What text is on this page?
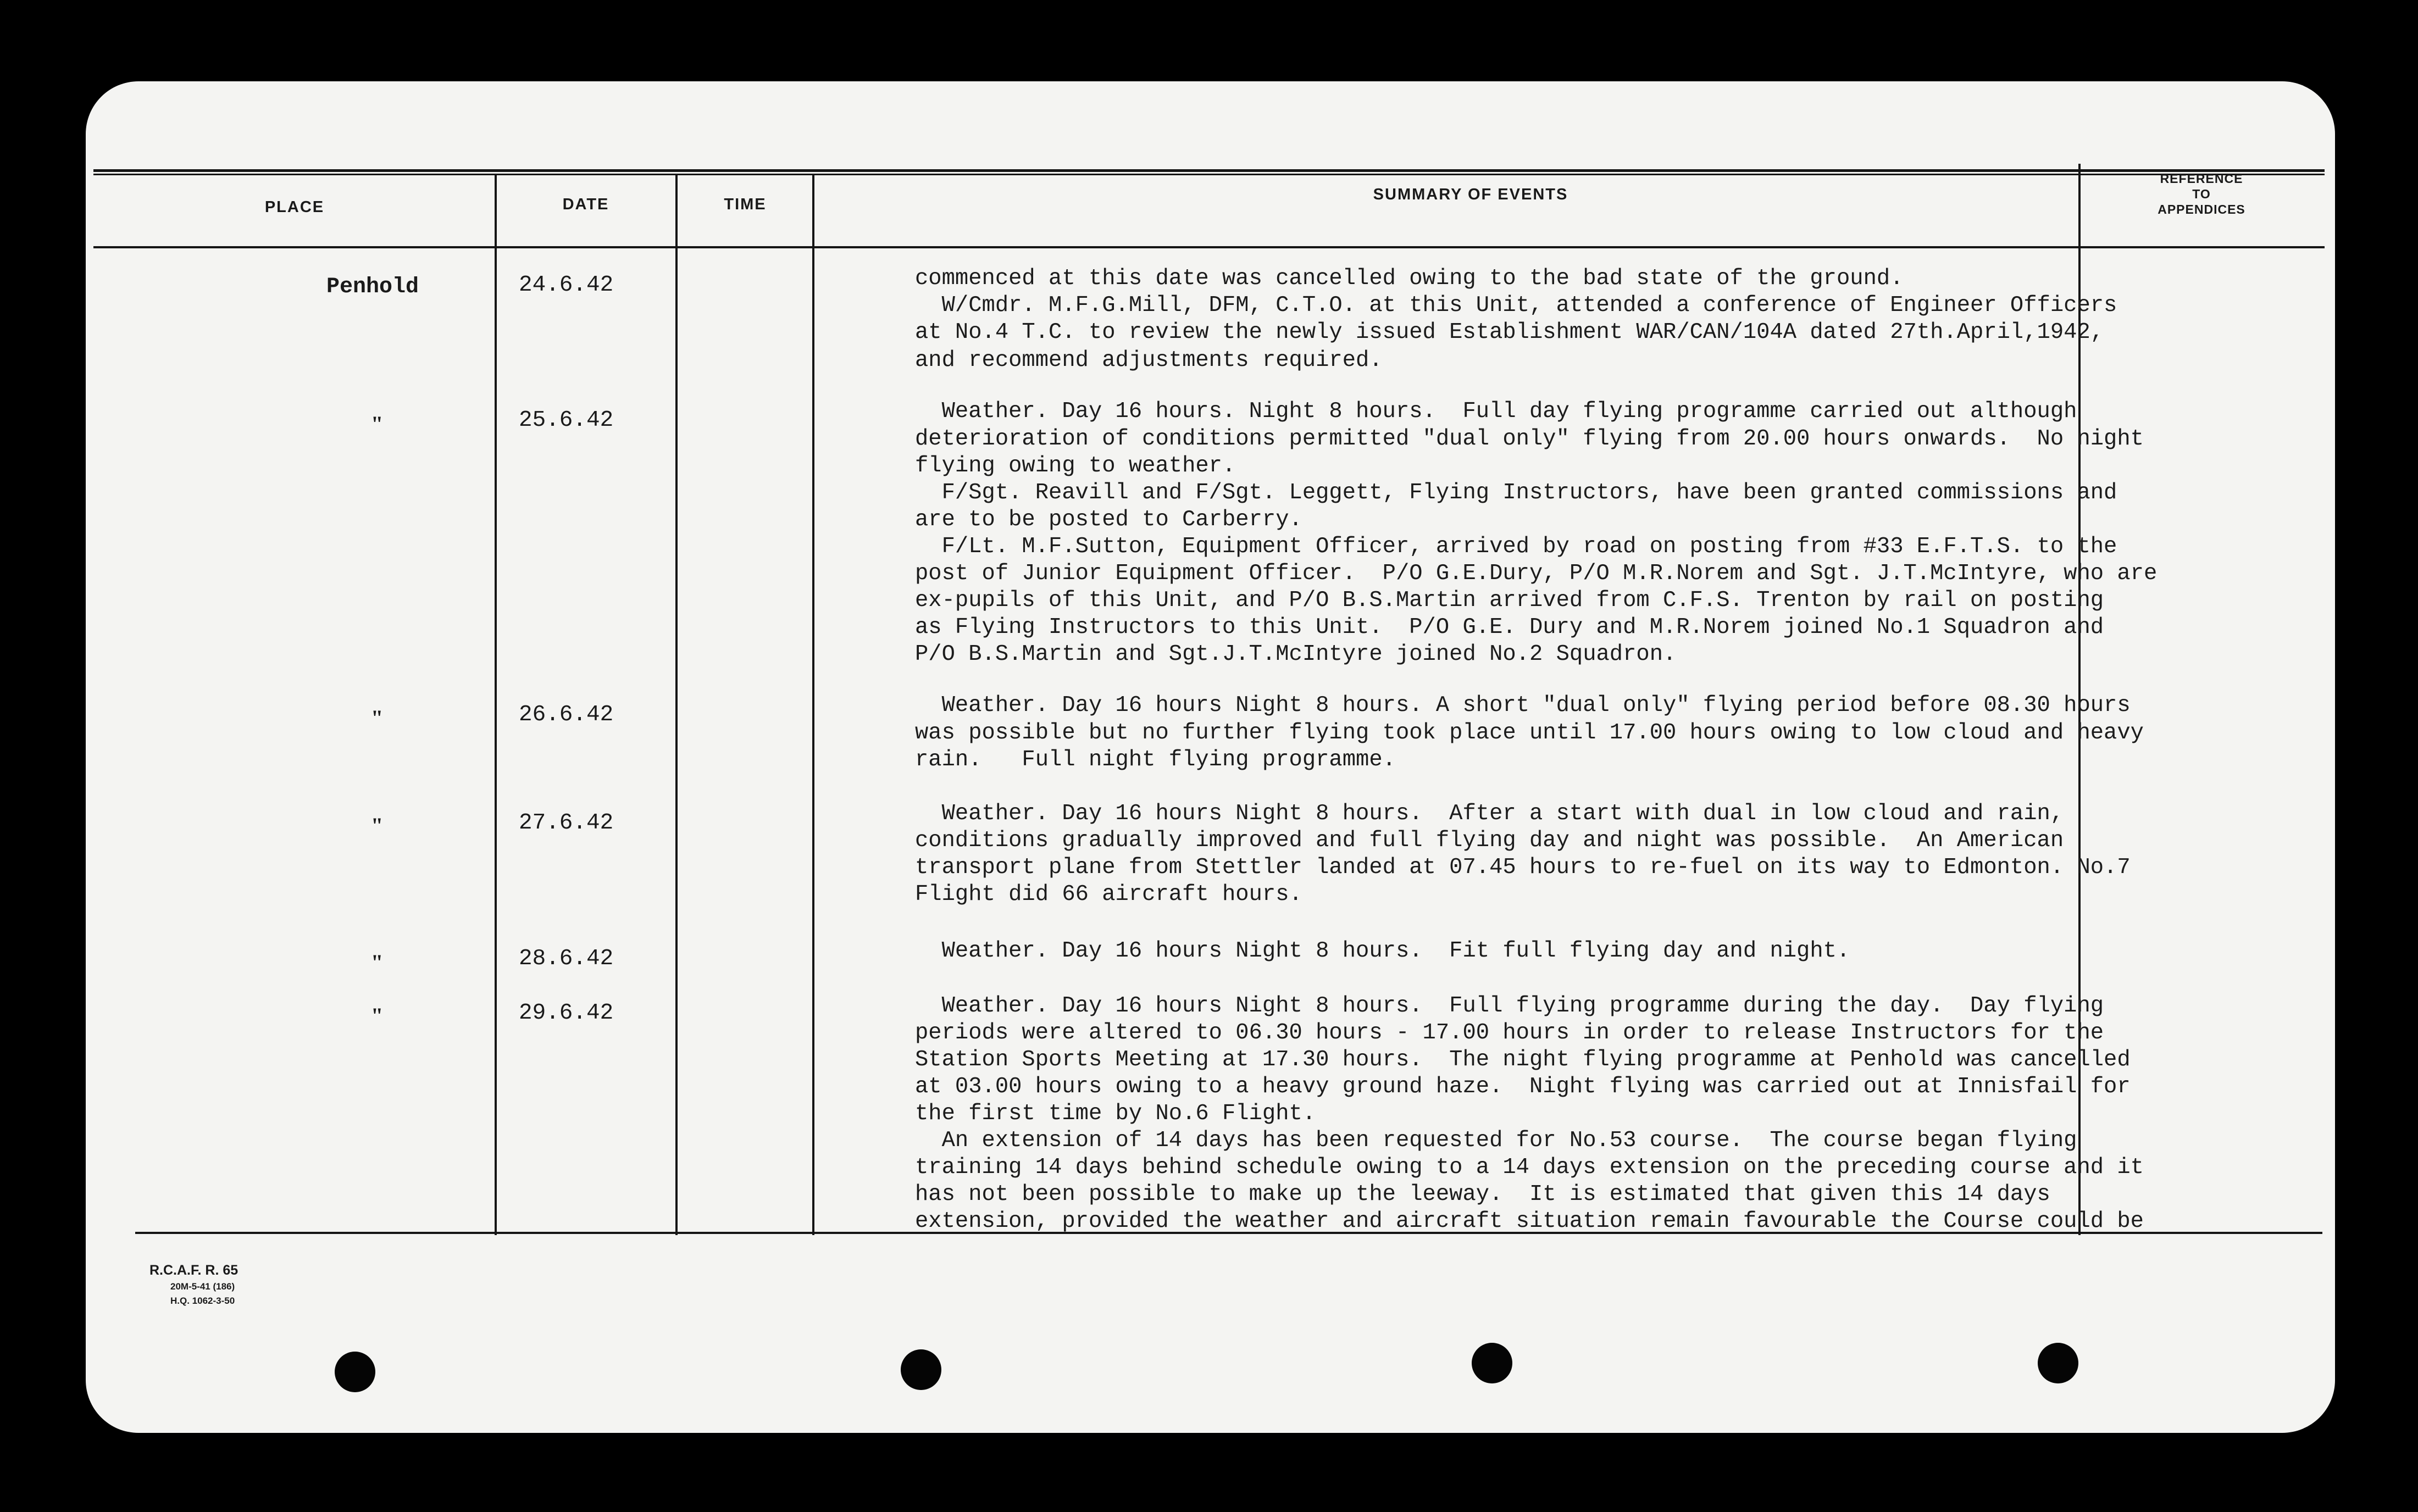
PLACE	DATE	TIME
SUMMARY OF EVENTS
REFERENCE
TO
APPENDICES
Penhold
"
"
"
"
"
24.6.42
25.6.42
26.6.42
27.6.42
28.6.42
29.6.42
commenced at this date was cancelled owing to the bad state of the ground.
W/Cmdr. M.F.G.Mill, DFM, C.T.O. at this Unit, attended a conference of Engineer Officers
at No.4 T.C. to review the newly issued Establishment WAR/CAN/104A dated 27th.April,1942,
and recommend adjustments required.
Weather. Day 16 hours. Night 8 hours.  Full day flying programme carried out although
deterioration of conditions permitted "dual only" flying from 20.00 hours onwards.  No night
flying owing to weather.
F/Sgt. Reavill and F/Sgt. Leggett, Flying Instructors, have been granted commissions and
are to be posted to Carberry.
F/Lt. M.F.Sutton, Equipment Officer, arrived by road on posting from #33 E.F.T.S. to the
post of Junior Equipment Officer.  P/O G.E.Dury, P/O M.R.Norem and Sgt. J.T.McIntyre, who are
ex-pupils of this Unit, and P/O B.S.Martin arrived from C.F.S. Trenton by rail on posting
as Flying Instructors to this Unit.  P/O G.E. Dury and M.R.Norem joined No.1 Squadron and
P/O B.S.Martin and Sgt.J.T.McIntyre joined No.2 Squadron.
Weather. Day 16 hours Night 8 hours. A short "dual only" flying period before 08.30 hours
was possible but no further flying took place until 17.00 hours owing to low cloud and heavy
rain.   Full night flying programme.
Weather. Day 16 hours Night 8 hours.  After a start with dual in low cloud and rain,
conditions gradually improved and full flying day and night was possible.  An American
transport plane from Stettler landed at 07.45 hours to re-fuel on its way to Edmonton. No.7
Flight did 66 aircraft hours.
Weather. Day 16 hours Night 8 hours.  Fit full flying day and night.
Weather. Day 16 hours Night 8 hours.  Full flying programme during the day.  Day flying
periods were altered to 06.30 hours - 17.00 hours in order to release Instructors for the
Station Sports Meeting at 17.30 hours.  The night flying programme at Penhold was cancelled
at 03.00 hours owing to a heavy ground haze.  Night flying was carried out at Innisfail for
the first time by No.6 Flight.
An extension of 14 days has been requested for No.53 course.  The course began flying
training 14 days behind schedule owing to a 14 days extension on the preceding course and it
has not been possible to make up the leeway.  It is estimated that given this 14 days
extension, provided the weather and aircraft situation remain favourable the Course could be
R.C.A.F. R. 65
20M-5-41 (186)
H.Q. 1062-3-50
